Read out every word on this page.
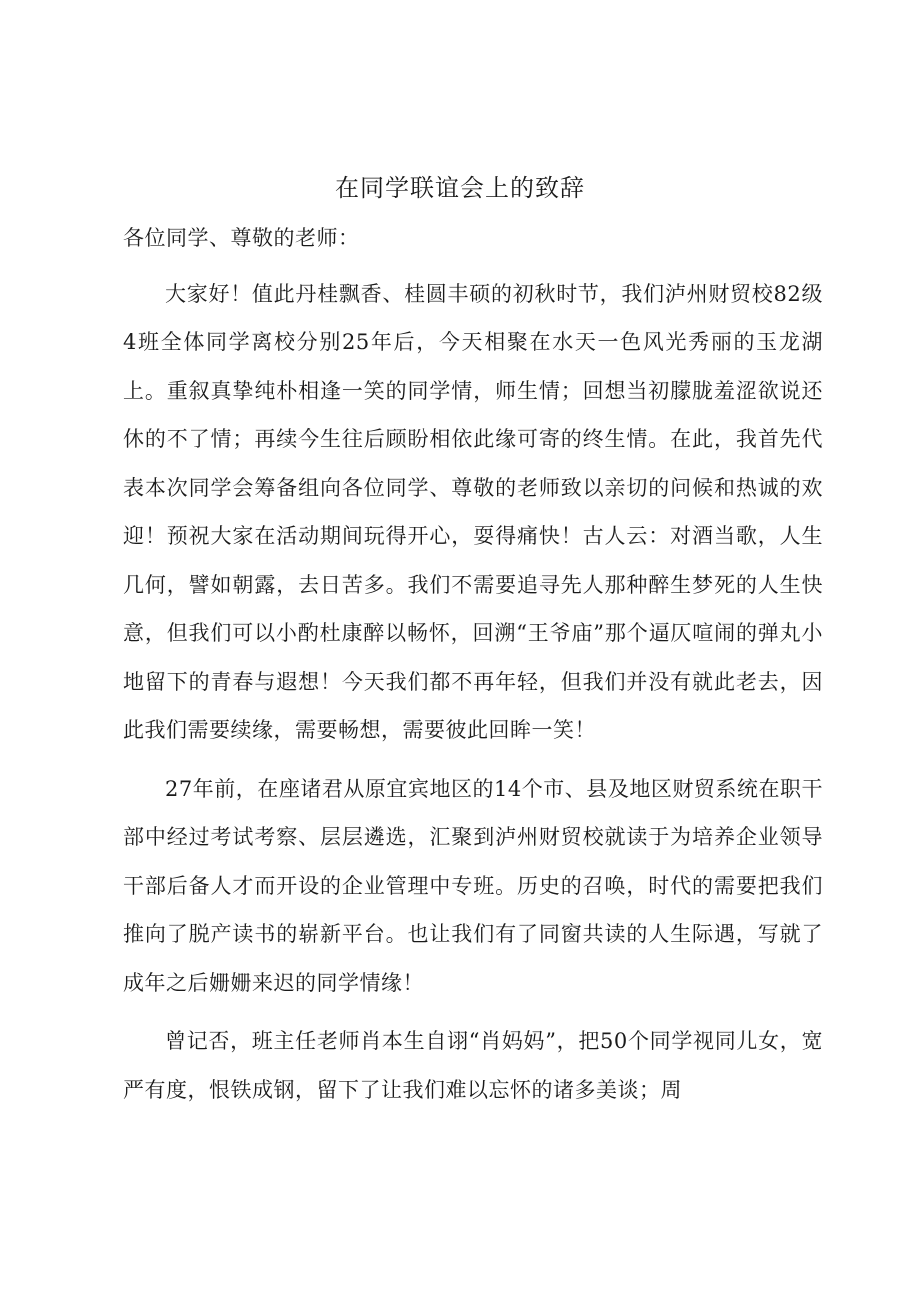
在同学联谊会上的致辞

各位同学、尊敬的老师：

大家好！值此丹桂飘香、桂圆丰硕的初秋时节，我们泸州财贸校82级4班全体同学离校分别25年后，今天相聚在水天一色风光秀丽的玉龙湖上。重叙真挚纯朴相逢一笑的同学情，师生情；回想当初朦胧羞涩欲说还休的不了情；再续今生往后顾盼相依此缘可寄的终生情。在此，我首先代表本次同学会筹备组向各位同学、尊敬的老师致以亲切的问候和热诚的欢迎！预祝大家在活动期间玩得开心，耍得痛快！古人云：对酒当歌，人生几何，譬如朝露，去日苦多。我们不需要追寻先人那种醉生梦死的人生快意，但我们可以小酌杜康醉以畅怀，回溯“王爷庙”那个逼仄喧闹的弹丸小地留下的青春与遐想！今天我们都不再年轻，但我们并没有就此老去，因此我们需要续缘，需要畅想，需要彼此回眸一笑！

27年前，在座诸君从原宜宾地区的14个市、县及地区财贸系统在职干部中经过考试考察、层层遴选，汇聚到泸州财贸校就读于为培养企业领导干部后备人才而开设的企业管理中专班。历史的召唤，时代的需要把我们推向了脱产读书的崭新平台。也让我们有了同窗共读的人生际遇，写就了成年之后姗姗来迟的同学情缘！

曾记否，班主任老师肖本生自诩“肖妈妈”，把50个同学视同儿女，宽严有度，恨铁成钢，留下了让我们难以忘怀的诸多美谈；周
